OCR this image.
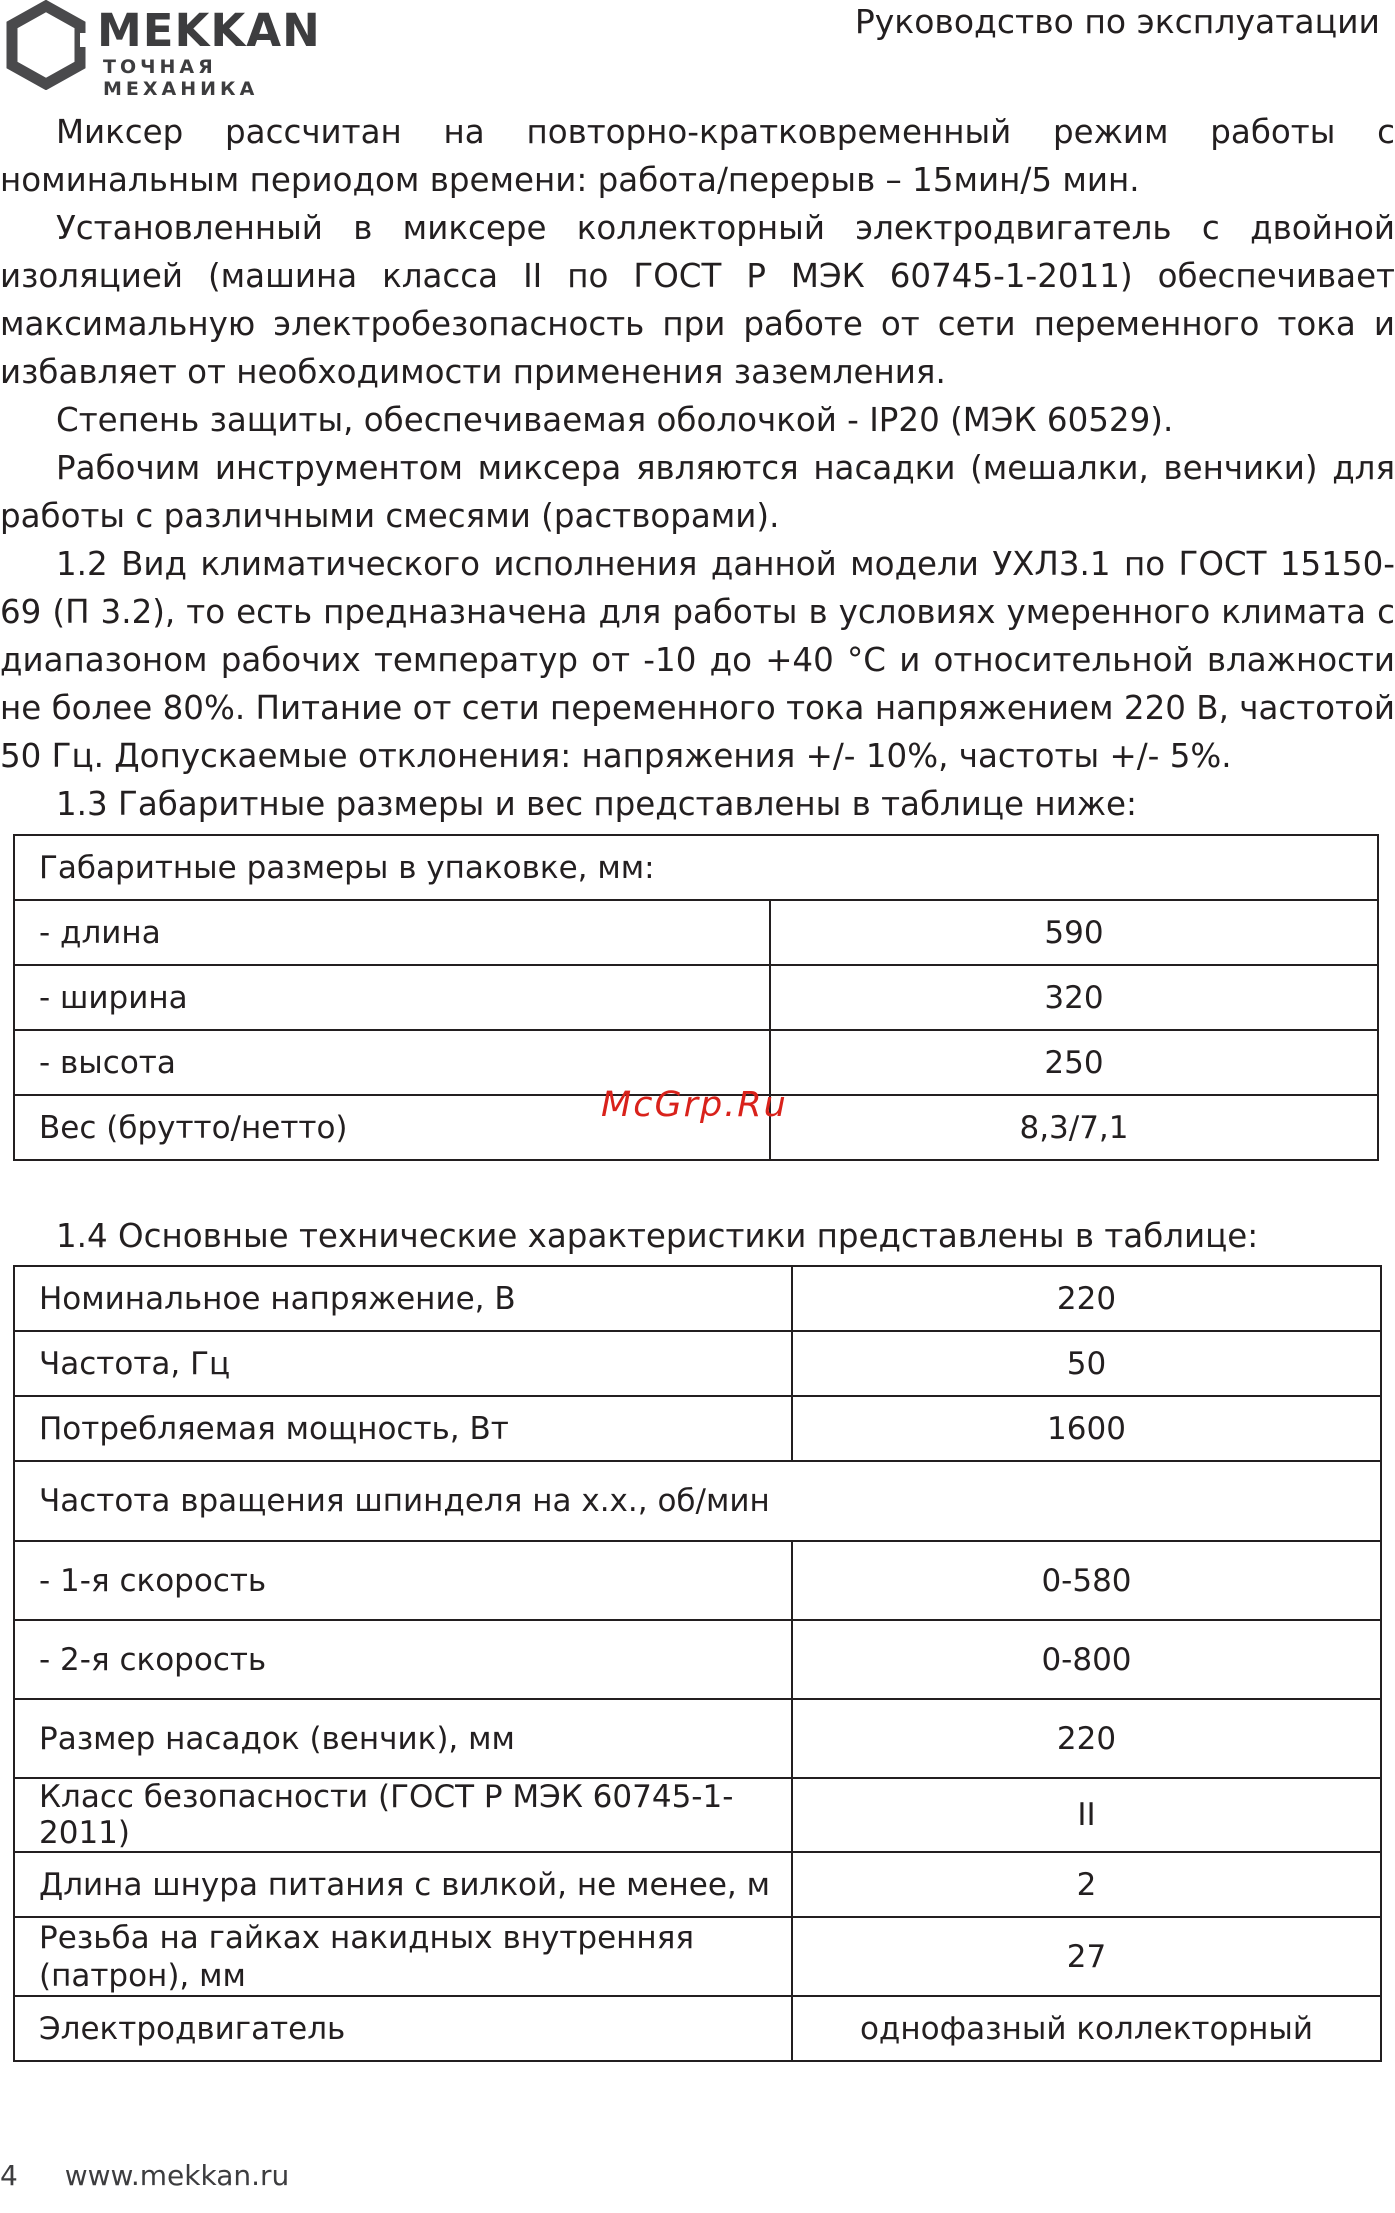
MEKKAN
ТОЧНАЯ МЕХАНИКА
Руководство по эксплуатации

Миксер рассчитан на повторно-кратковременный режим работы с номинальным периодом времени: работа/перерыв – 15мин/5 мин.

Установленный в миксере коллекторный электродвигатель с двойной изоляцией (машина класса II по ГОСТ Р МЭК 60745-1-2011) обеспечивает максимальную электробезопасность при работе от сети переменного тока и избавляет от необходимости применения заземления.

Степень защиты, обеспечиваемая оболочкой - IP20 (МЭК 60529).

Рабочим инструментом миксера являются насадки (мешалки, венчики) для работы с различными смесями (растворами).

1.2 Вид климатического исполнения данной модели УХЛ3.1 по ГОСТ 15150-69 (П 3.2), то есть предназначена для работы в условиях умеренного климата с диапазоном рабочих температур от -10 до +40 °С и относительной влажности не более 80%. Питание от сети переменного тока напряжением 220 В, частотой 50 Гц. Допускаемые отклонения: напряжения +/- 10%, частоты +/- 5%.

1.3 Габаритные размеры и вес представлены в таблице ниже:

Габаритные размеры в упаковке, мм:	
- длина	590
- ширина	320
- высота	250
Вес (брутто/нетто)	8,3/7,1
McGrp.Ru
1.4 Основные технические характеристики представлены в таблице:
Номинальное напряжение, В	220
Частота, Гц	50
Потребляемая мощность, Вт	1600
Частота вращения шпинделя на х.х., об/мин	
- 1-я скорость	0-580
- 2-я скорость	0-800
Размер насадок (венчик), мм	220
Класс безопасности (ГОСТ Р МЭК 60745-1-2011)	II
Длина шнура питания с вилкой, не менее, м	2
Резьба на гайках накидных внутренняя (патрон), мм	27
Электродвигатель	однофазный коллекторный
4 www.mekkan.ru
